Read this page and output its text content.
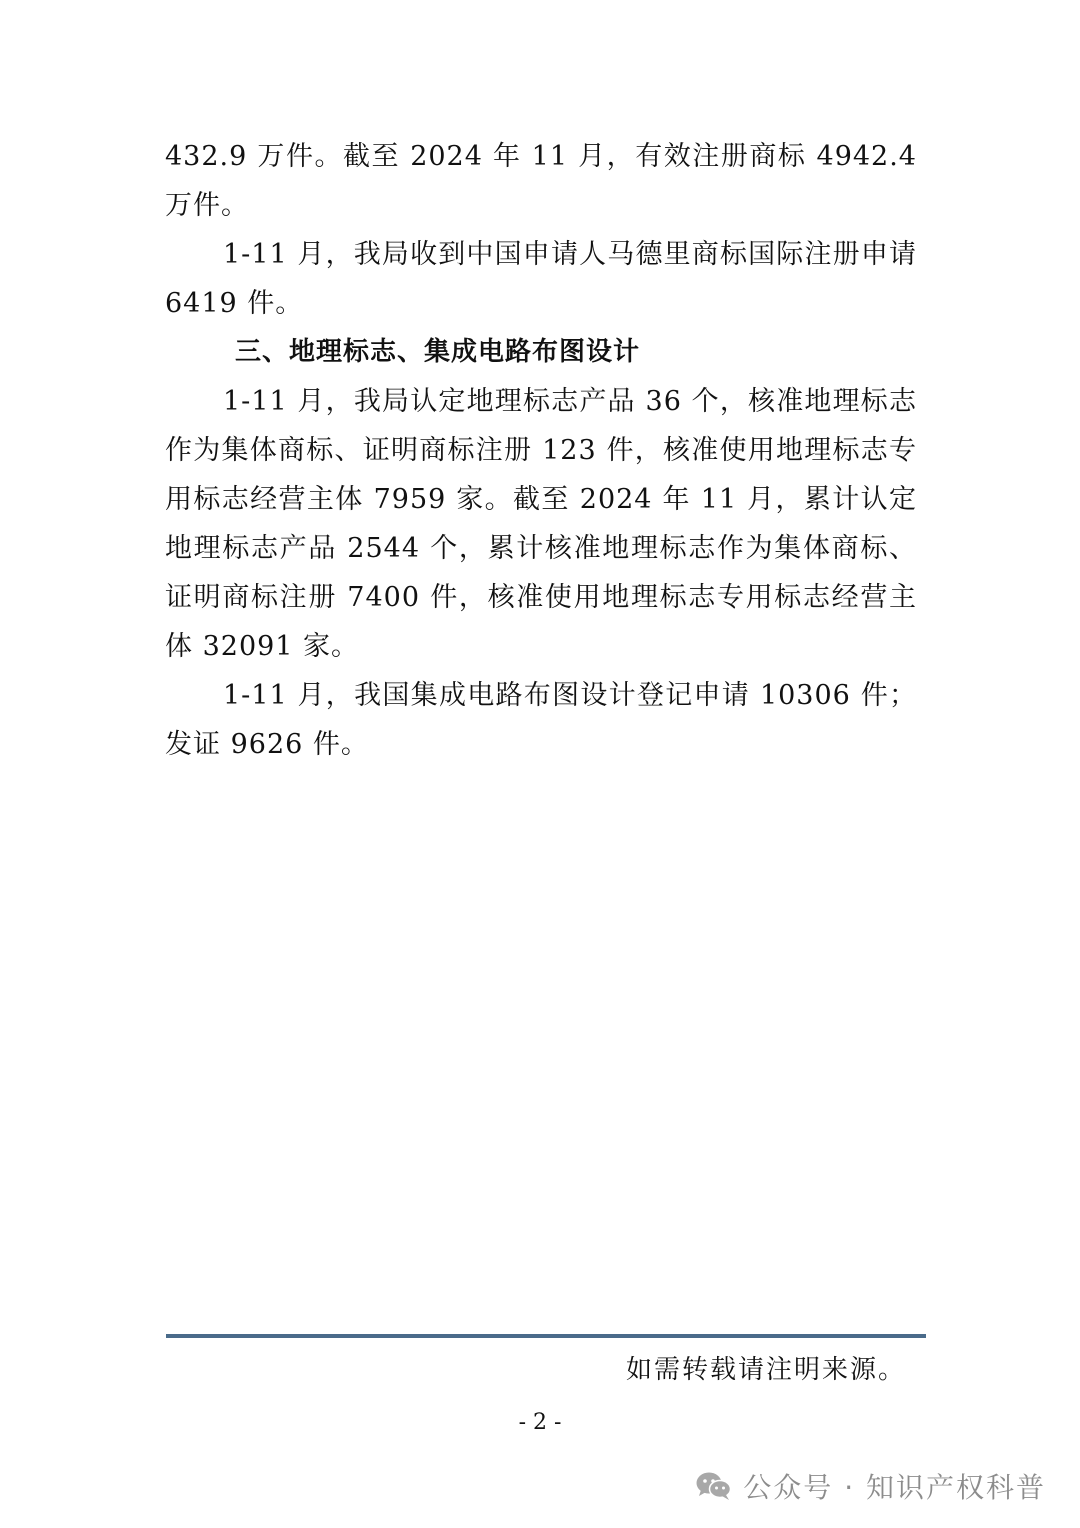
432.9 万件。截至 2024 年 11 月，有效注册商标 4942.4 万件。

1-11 月，我局收到中国申请人马德里商标国际注册申请 6419 件。

三、地理标志、集成电路布图设计

1-11 月，我局认定地理标志产品 36 个，核准地理标志作为集体商标、证明商标注册 123 件，核准使用地理标志专用标志经营主体 7959 家。截至 2024 年 11 月，累计认定地理标志产品 2544 个，累计核准地理标志作为集体商标、证明商标注册 7400 件，核准使用地理标志专用标志经营主体 32091 家。

1-11 月，我国集成电路布图设计登记申请 10306 件；发证 9626 件。

如需转载请注明来源。
- 2 -
公众号 · 知识产权科普
